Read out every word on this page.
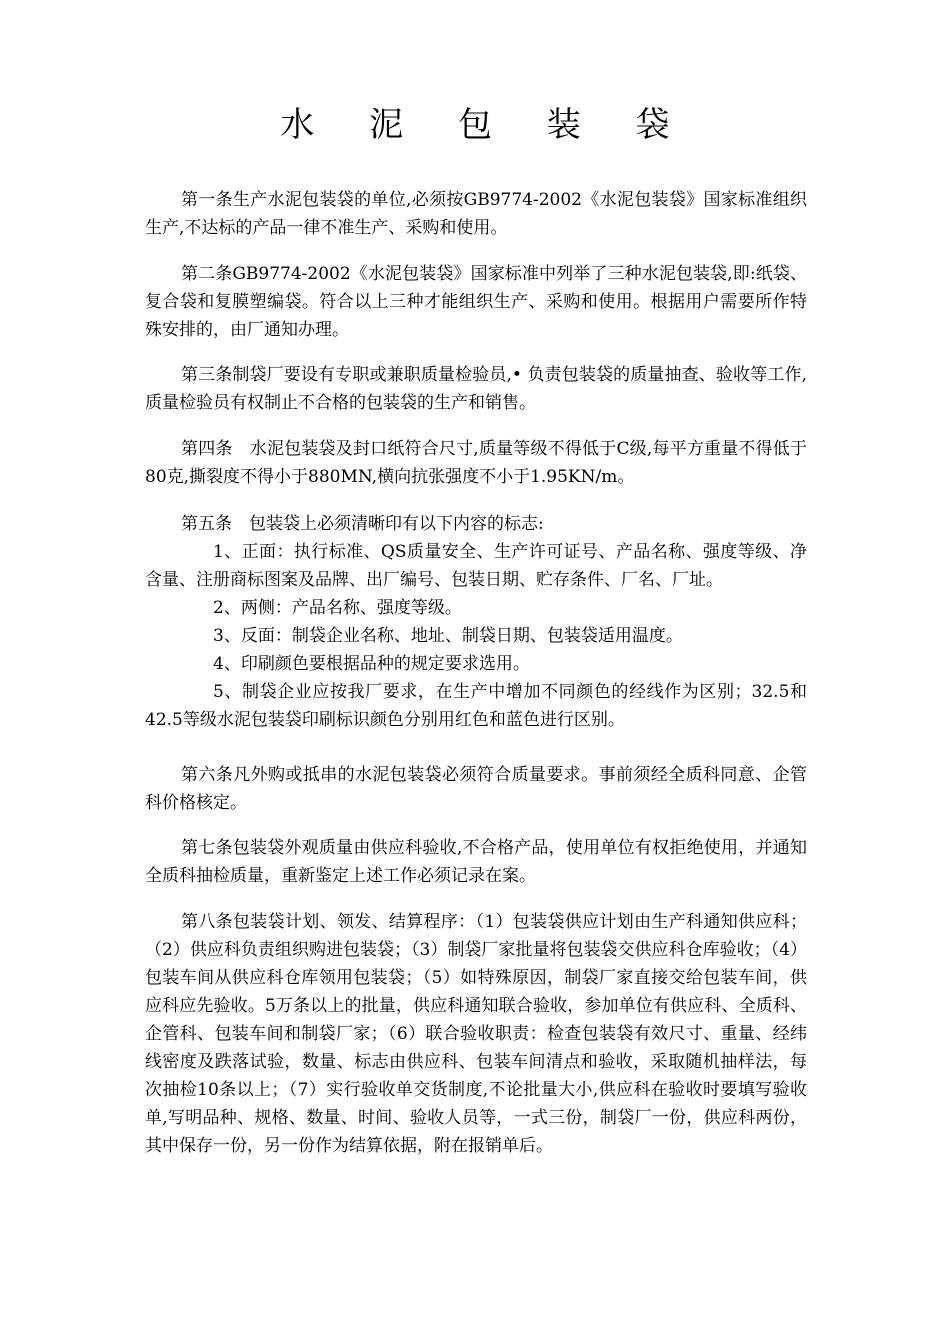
水 泥 包 装 袋

第一条生产水泥包装袋的单位,必须按GB9774-2002《水泥包装袋》国家标准组织生产,不达标的产品一律不准生产、采购和使用。

第二条GB9774-2002《水泥包装袋》国家标准中列举了三种水泥包装袋,即:纸袋、复合袋和复膜塑编袋。符合以上三种才能组织生产、采购和使用。根据用户需要所作特殊安排的，由厂通知办理。

第三条制袋厂要设有专职或兼职质量检验员,• 负责包装袋的质量抽查、验收等工作,质量检验员有权制止不合格的包装袋的生产和销售。

第四条　水泥包装袋及封口纸符合尺寸,质量等级不得低于C级,每平方重量不得低于80克,撕裂度不得小于880MN,横向抗张强度不小于1.95KN/m。

第五条　包装袋上必须清晰印有以下内容的标志:

1、正面：执行标准、QS质量安全、生产许可证号、产品名称、强度等级、净含量、注册商标图案及品牌、出厂编号、包装日期、贮存条件、厂名、厂址。

2、两侧：产品名称、强度等级。

3、反面：制袋企业名称、地址、制袋日期、包装袋适用温度。

4、印刷颜色要根据品种的规定要求选用。

5、制袋企业应按我厂要求，在生产中增加不同颜色的经线作为区别；32.5和42.5等级水泥包装袋印刷标识颜色分别用红色和蓝色进行区别。

第六条凡外购或抵串的水泥包装袋必须符合质量要求。事前须经全质科同意、企管科价格核定。

第七条包装袋外观质量由供应科验收,不合格产品，使用单位有权拒绝使用，并通知全质科抽检质量，重新鉴定上述工作必须记录在案。

第八条包装袋计划、领发、结算程序：（1）包装袋供应计划由生产科通知供应科；（2）供应科负责组织购进包装袋；（3）制袋厂家批量将包装袋交供应科仓库验收；（4）包装车间从供应科仓库领用包装袋；（5）如特殊原因，制袋厂家直接交给包装车间，供应科应先验收。5万条以上的批量，供应科通知联合验收，参加单位有供应科、全质科、企管科、包装车间和制袋厂家；（6）联合验收职责：检查包装袋有效尺寸、重量、经纬线密度及跌落试验，数量、标志由供应科、包装车间清点和验收，采取随机抽样法，每次抽检10条以上；（7）实行验收单交货制度,不论批量大小,供应科在验收时要填写验收单,写明品种、规格、数量、时间、验收人员等，一式三份，制袋厂一份，供应科两份，其中保存一份，另一份作为结算依据，附在报销单后。
